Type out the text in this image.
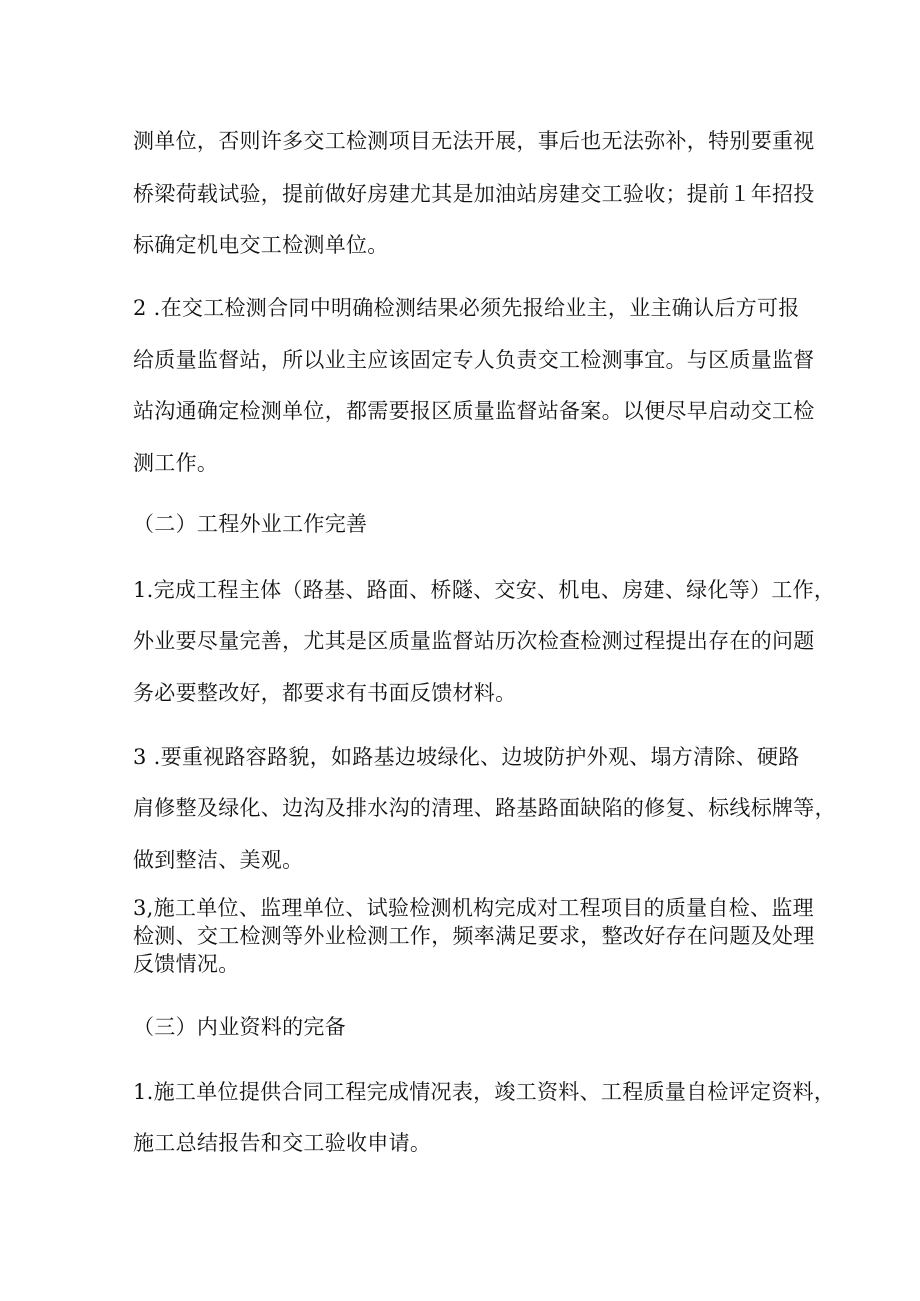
测单位，否则许多交工检测项目无法开展，事后也无法弥补，特别要重视
桥梁荷载试验，提前做好房建尤其是加油站房建交工验收；提前１年招投
标确定机电交工检测单位。
2 .在交工检测合同中明确检测结果必须先报给业主，业主确认后方可报
给质量监督站，所以业主应该固定专人负责交工检测事宜。与区质量监督
站沟通确定检测单位，都需要报区质量监督站备案。以便尽早启动交工检
测工作。
（二）工程外业工作完善
1.完成工程主体（路基、路面、桥隧、交安、机电、房建、绿化等）工作，
外业要尽量完善，尤其是区质量监督站历次检查检测过程提出存在的问题
务必要整改好，都要求有书面反馈材料。
3 .要重视路容路貌，如路基边坡绿化、边坡防护外观、塌方清除、硬路
肩修整及绿化、边沟及排水沟的清理、路基路面缺陷的修复、标线标牌等，
做到整洁、美观。
3,施工单位、监理单位、试验检测机构完成对工程项目的质量自检、监理
检测、交工检测等外业检测工作，频率满足要求，整改好存在问题及处理
反馈情况。
（三）内业资料的完备
1.施工单位提供合同工程完成情况表，竣工资料、工程质量自检评定资料，
施工总结报告和交工验收申请。
